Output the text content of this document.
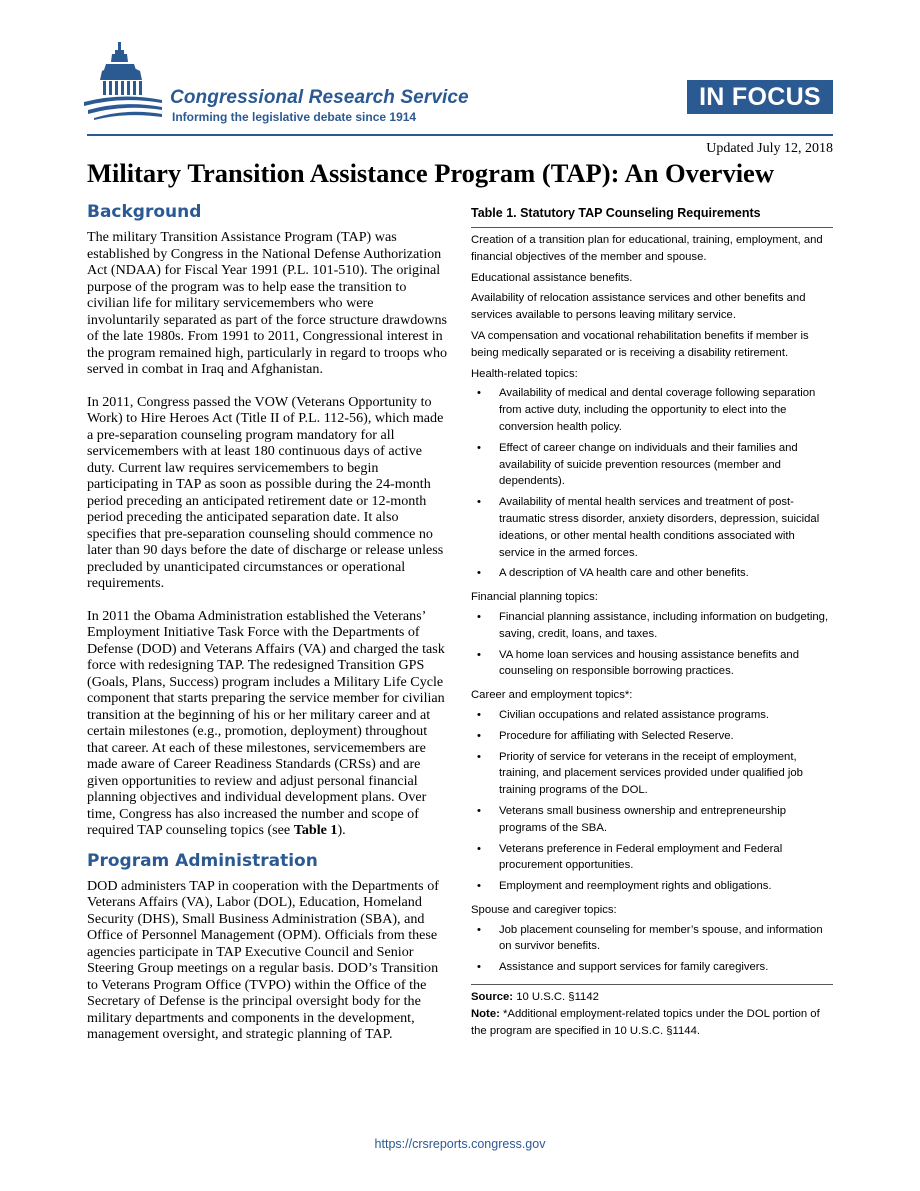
Congressional Research Service
Informing the legislative debate since 1914
IN FOCUS
Updated July 12, 2018
Military Transition Assistance Program (TAP): An Overview
Background

The military Transition Assistance Program (TAP) was established by Congress in the National Defense Authorization Act (NDAA) for Fiscal Year 1991 (P.L. 101-510). The original purpose of the program was to help ease the transition to civilian life for military servicemembers who were involuntarily separated as part of the force structure drawdowns of the late 1980s. From 1991 to 2011, Congressional interest in the program remained high, particularly in regard to troops who served in combat in Iraq and Afghanistan.

In 2011, Congress passed the VOW (Veterans Opportunity to Work) to Hire Heroes Act (Title II of P.L. 112-56), which made a pre-separation counseling program mandatory for all servicemembers with at least 180 continuous days of active duty. Current law requires servicemembers to begin participating in TAP as soon as possible during the 24-month period preceding an anticipated retirement date or 12-month period preceding the anticipated separation date. It also specifies that pre-separation counseling should commence no later than 90 days before the date of discharge or release unless precluded by unanticipated circumstances or operational requirements.

In 2011 the Obama Administration established the Veterans’ Employment Initiative Task Force with the Departments of Defense (DOD) and Veterans Affairs (VA) and charged the task force with redesigning TAP. The redesigned Transition GPS (Goals, Plans, Success) program includes a Military Life Cycle component that starts preparing the service member for civilian transition at the beginning of his or her military career and at certain milestones (e.g., promotion, deployment) throughout that career. At each of these milestones, servicemembers are made aware of Career Readiness Standards (CRSs) and are given opportunities to review and adjust personal financial planning objectives and individual development plans. Over time, Congress has also increased the number and scope of required TAP counseling topics (see Table 1).

Program Administration

DOD administers TAP in cooperation with the Departments of Veterans Affairs (VA), Labor (DOL), Education, Homeland Security (DHS), Small Business Administration (SBA), and Office of Personnel Management (OPM). Officials from these agencies participate in TAP Executive Council and Senior Steering Group meetings on a regular basis. DOD’s Transition to Veterans Program Office (TVPO) within the Office of the Secretary of Defense is the principal oversight body for the military departments and components in the development, management oversight, and strategic planning of TAP.

Table 1. Statutory TAP Counseling Requirements

Creation of a transition plan for educational, training, employment, and financial objectives of the member and spouse.

Educational assistance benefits.

Availability of relocation assistance services and other benefits and services available to persons leaving military service.

VA compensation and vocational rehabilitation benefits if member is being medically separated or is receiving a disability retirement.

Health-related topics:

• Availability of medical and dental coverage following separation from active duty, including the opportunity to elect into the conversion health policy.
• Effect of career change on individuals and their families and availability of suicide prevention resources (member and dependents).
• Availability of mental health services and treatment of post-traumatic stress disorder, anxiety disorders, depression, suicidal ideations, or other mental health conditions associated with service in the armed forces.
• A description of VA health care and other benefits.

Financial planning topics:

• Financial planning assistance, including information on budgeting, saving, credit, loans, and taxes.
• VA home loan services and housing assistance benefits and counseling on responsible borrowing practices.

Career and employment topics*:

• Civilian occupations and related assistance programs.
• Procedure for affiliating with Selected Reserve.
• Priority of service for veterans in the receipt of employment, training, and placement services provided under qualified job training programs of the DOL.
• Veterans small business ownership and entrepreneurship programs of the SBA.
• Veterans preference in Federal employment and Federal procurement opportunities.
• Employment and reemployment rights and obligations.

Spouse and caregiver topics:

• Job placement counseling for member’s spouse, and information on survivor benefits.
• Assistance and support services for family caregivers.

Source: 10 U.S.C. §1142

Note: *Additional employment-related topics under the DOL portion of the program are specified in 10 U.S.C. §1144.

https://crsreports.congress.gov
